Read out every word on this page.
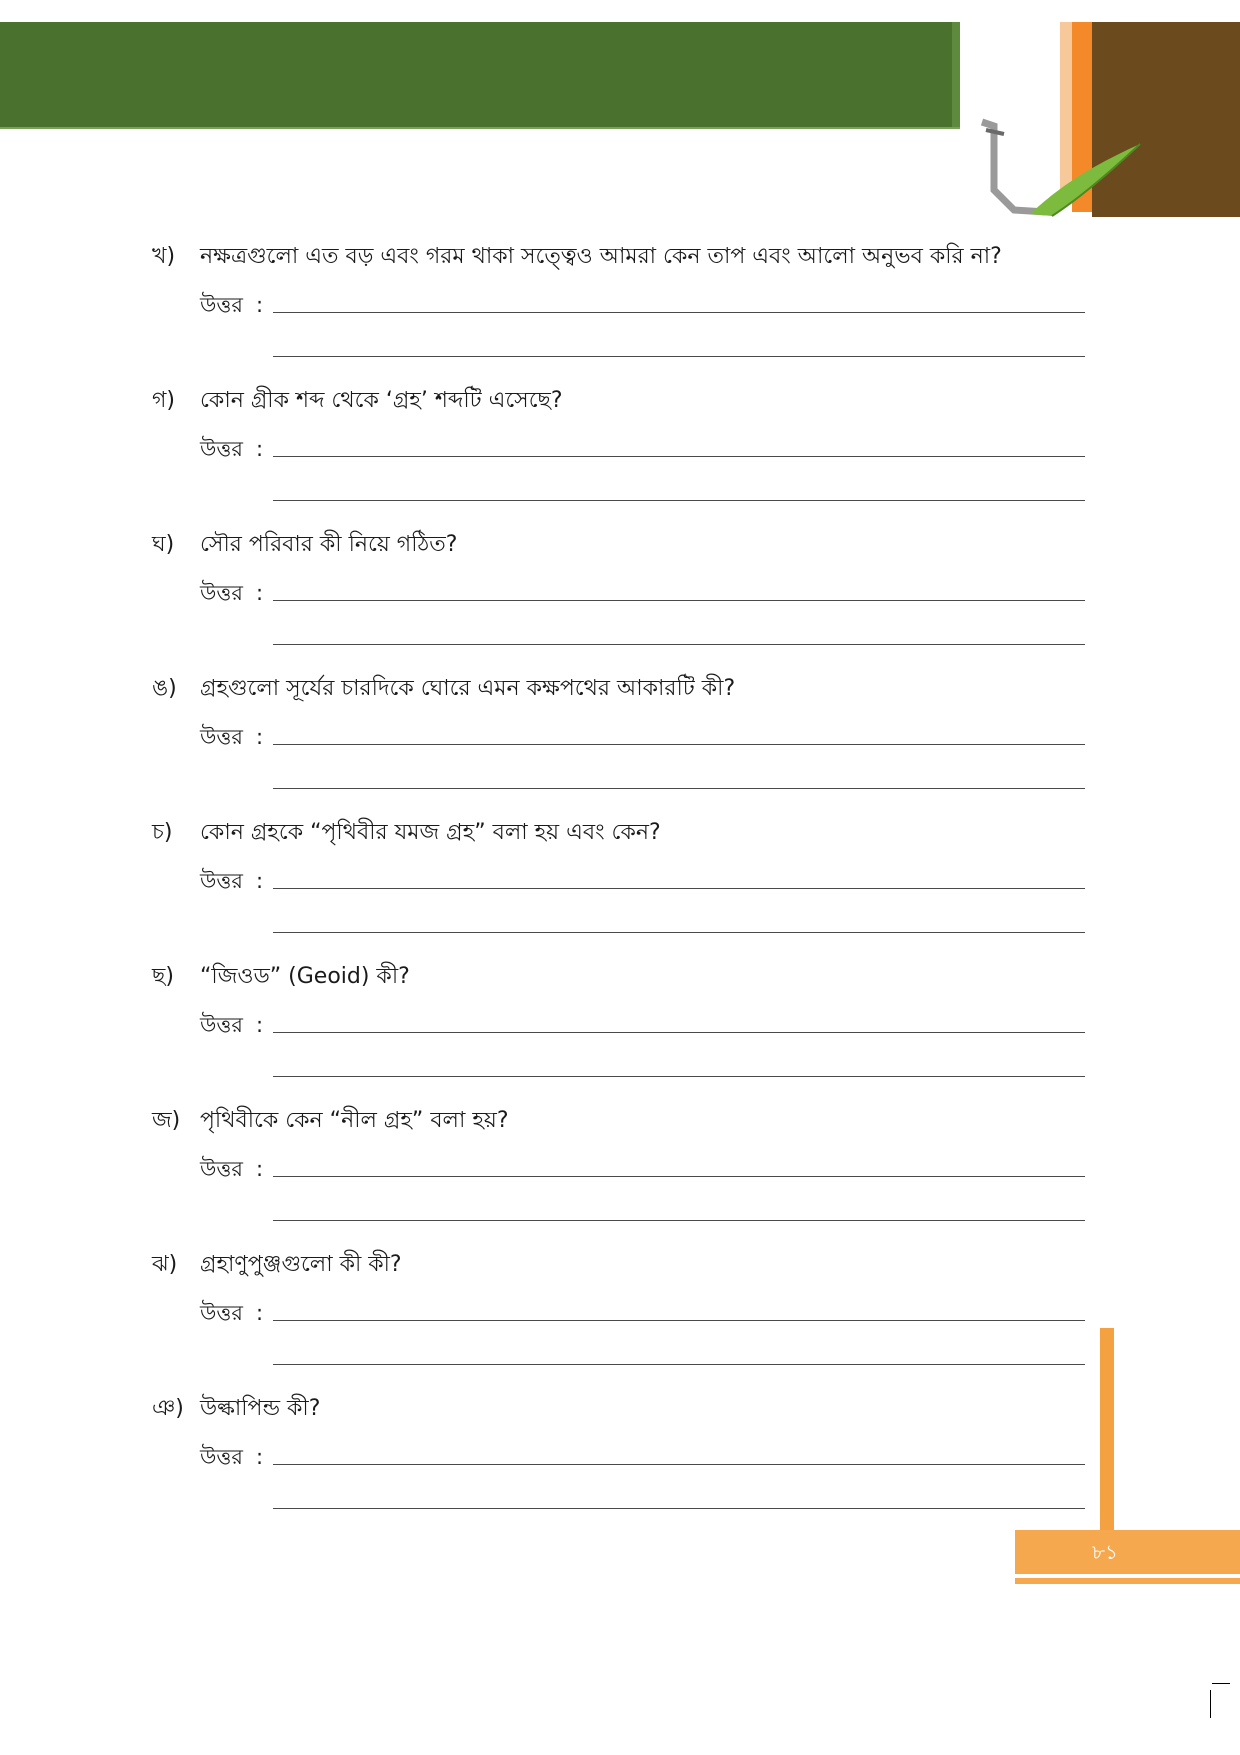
খ) নক্ষত্রগুলো এত বড় এবং গরম থাকা সত্ত্বেও আমরা কেন তাপ এবং আলো অনুভব করি না?
উত্তর :
গ) কোন গ্রীক শব্দ থেকে ‘গ্রহ’ শব্দটি এসেছে?
উত্তর :
ঘ) সৌর পরিবার কী নিয়ে গঠিত?
উত্তর :
ঙ) গ্রহগুলো সূর্যের চারদিকে ঘোরে এমন কক্ষপথের আকারটি কী?
উত্তর :
চ) কোন গ্রহকে “পৃথিবীর যমজ গ্রহ” বলা হয় এবং কেন?
উত্তর :
ছ) “জিওড” (Geoid) কী?
উত্তর :
জ) পৃথিবীকে কেন “নীল গ্রহ” বলা হয়?
উত্তর :
ঝ) গ্রহাণুপুঞ্জগুলো কী কী?
উত্তর :
ঞ) উল্কাপিন্ড কী?
উত্তর :
৮১
